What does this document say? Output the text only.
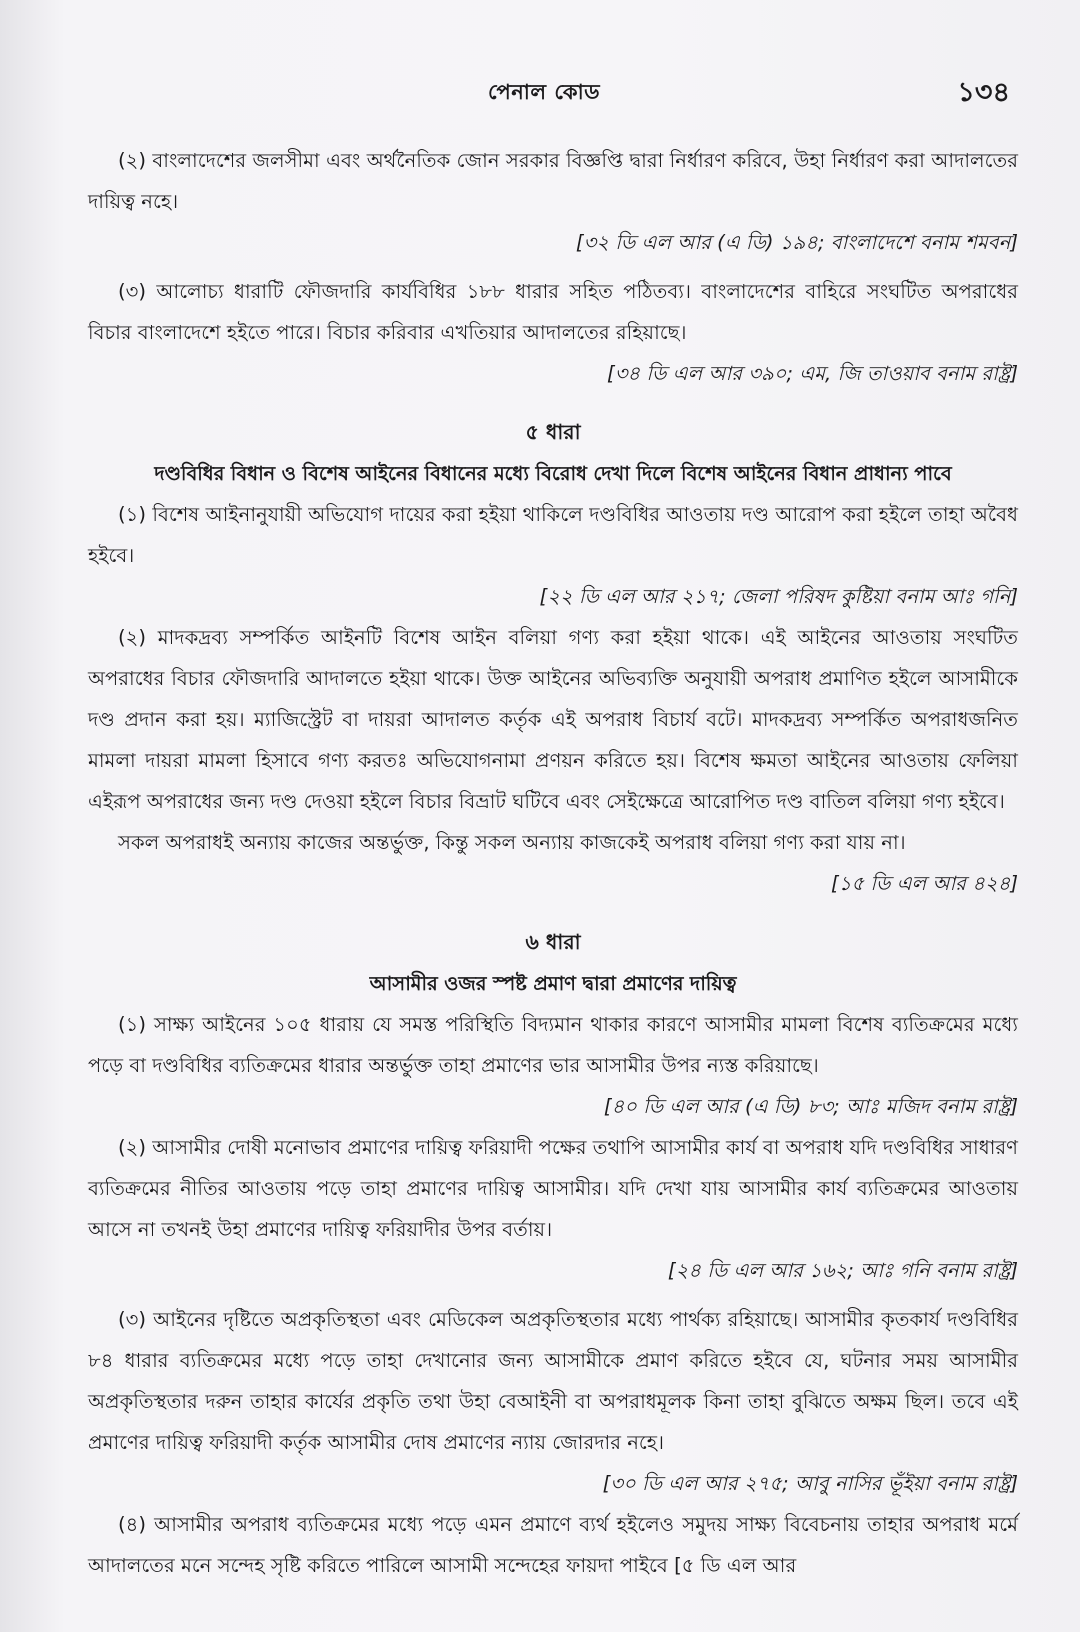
পেনাল কোড	১৩৪

(২) বাংলাদেশের জলসীমা এবং অর্থনৈতিক জোন সরকার বিজ্ঞপ্তি দ্বারা নির্ধারণ করিবে, উহা নির্ধারণ করা আদালতের দায়িত্ব নহে।

[৩২ ডি এল আর (এ ডি) ১৯৪; বাংলাদেশে বনাম শমবন]

(৩) আলোচ্য ধারাটি ফৌজদারি কার্যবিধির ১৮৮ ধারার সহিত পঠিতব্য। বাংলাদেশের বাহিরে সংঘটিত অপরাধের বিচার বাংলাদেশে হইতে পারে। বিচার করিবার এখতিয়ার আদালতের রহিয়াছে।

[৩৪ ডি এল আর ৩৯০; এম, জি তাওয়াব বনাম রাষ্ট্র]

৫ ধারা

দণ্ডবিধির বিধান ও বিশেষ আইনের বিধানের মধ্যে বিরোধ দেখা দিলে বিশেষ আইনের বিধান প্রাধান্য পাবে

(১) বিশেষ আইনানুযায়ী অভিযোগ দায়ের করা হইয়া থাকিলে দণ্ডবিধির আওতায় দণ্ড আরোপ করা হইলে তাহা অবৈধ হইবে।

[২২ ডি এল আর ২১৭; জেলা পরিষদ কুষ্টিয়া বনাম আঃ গনি]

(২) মাদকদ্রব্য সম্পর্কিত আইনটি বিশেষ আইন বলিয়া গণ্য করা হইয়া থাকে। এই আইনের আওতায় সংঘটিত অপরাধের বিচার ফৌজদারি আদালতে হইয়া থাকে। উক্ত আইনের অভিব্যক্তি অনুযায়ী অপরাধ প্রমাণিত হইলে আসামীকে দণ্ড প্রদান করা হয়। ম্যাজিস্ট্রেট বা দায়রা আদালত কর্তৃক এই অপরাধ বিচার্য বটে। মাদকদ্রব্য সম্পর্কিত অপরাধজনিত মামলা দায়রা মামলা হিসাবে গণ্য করতঃ অভিযোগনামা প্রণয়ন করিতে হয়। বিশেষ ক্ষমতা আইনের আওতায় ফেলিয়া এইরূপ অপরাধের জন্য দণ্ড দেওয়া হইলে বিচার বিভ্রাট ঘটিবে এবং সেইক্ষেত্রে আরোপিত দণ্ড বাতিল বলিয়া গণ্য হইবে।

সকল অপরাধই অন্যায় কাজের অন্তর্ভুক্ত, কিন্তু সকল অন্যায় কাজকেই অপরাধ বলিয়া গণ্য করা যায় না।

[১৫ ডি এল আর ৪২৪]

৬ ধারা

আসামীর ওজর স্পষ্ট প্রমাণ দ্বারা প্রমাণের দায়িত্ব

(১) সাক্ষ্য আইনের ১০৫ ধারায় যে সমস্ত পরিস্থিতি বিদ্যমান থাকার কারণে আসামীর মামলা বিশেষ ব্যতিক্রমের মধ্যে পড়ে বা দণ্ডবিধির ব্যতিক্রমের ধারার অন্তর্ভুক্ত তাহা প্রমাণের ভার আসামীর উপর ন্যস্ত করিয়াছে।

[৪০ ডি এল আর (এ ডি) ৮৩; আঃ মজিদ বনাম রাষ্ট্র]

(২) আসামীর দোষী মনোভাব প্রমাণের দায়িত্ব ফরিয়াদী পক্ষের তথাপি আসামীর কার্য বা অপরাধ যদি দণ্ডবিধির সাধারণ ব্যতিক্রমের নীতির আওতায় পড়ে তাহা প্রমাণের দায়িত্ব আসামীর। যদি দেখা যায় আসামীর কার্য ব্যতিক্রমের আওতায় আসে না তখনই উহা প্রমাণের দায়িত্ব ফরিয়াদীর উপর বর্তায়।

[২৪ ডি এল আর ১৬২; আঃ গনি বনাম রাষ্ট্র]

(৩) আইনের দৃষ্টিতে অপ্রকৃতিস্থতা এবং মেডিকেল অপ্রকৃতিস্থতার মধ্যে পার্থক্য রহিয়াছে। আসামীর কৃতকার্য দণ্ডবিধির ৮৪ ধারার ব্যতিক্রমের মধ্যে পড়ে তাহা দেখানোর জন্য আসামীকে প্রমাণ করিতে হইবে যে, ঘটনার সময় আসামীর অপ্রকৃতিস্থতার দরুন তাহার কার্যের প্রকৃতি তথা উহা বেআইনী বা অপরাধমূলক কিনা তাহা বুঝিতে অক্ষম ছিল। তবে এই প্রমাণের দায়িত্ব ফরিয়াদী কর্তৃক আসামীর দোষ প্রমাণের ন্যায় জোরদার নহে।

[৩০ ডি এল আর ২৭৫; আবু নাসির ভূঁইয়া বনাম রাষ্ট্র]

(৪) আসামীর অপরাধ ব্যতিক্রমের মধ্যে পড়ে এমন প্রমাণে ব্যর্থ হইলেও সমুদয় সাক্ষ্য বিবেচনায় তাহার অপরাধ মর্মে আদালতের মনে সন্দেহ সৃষ্টি করিতে পারিলে আসামী সন্দেহের ফায়দা পাইবে [৫ ডি এল আর
